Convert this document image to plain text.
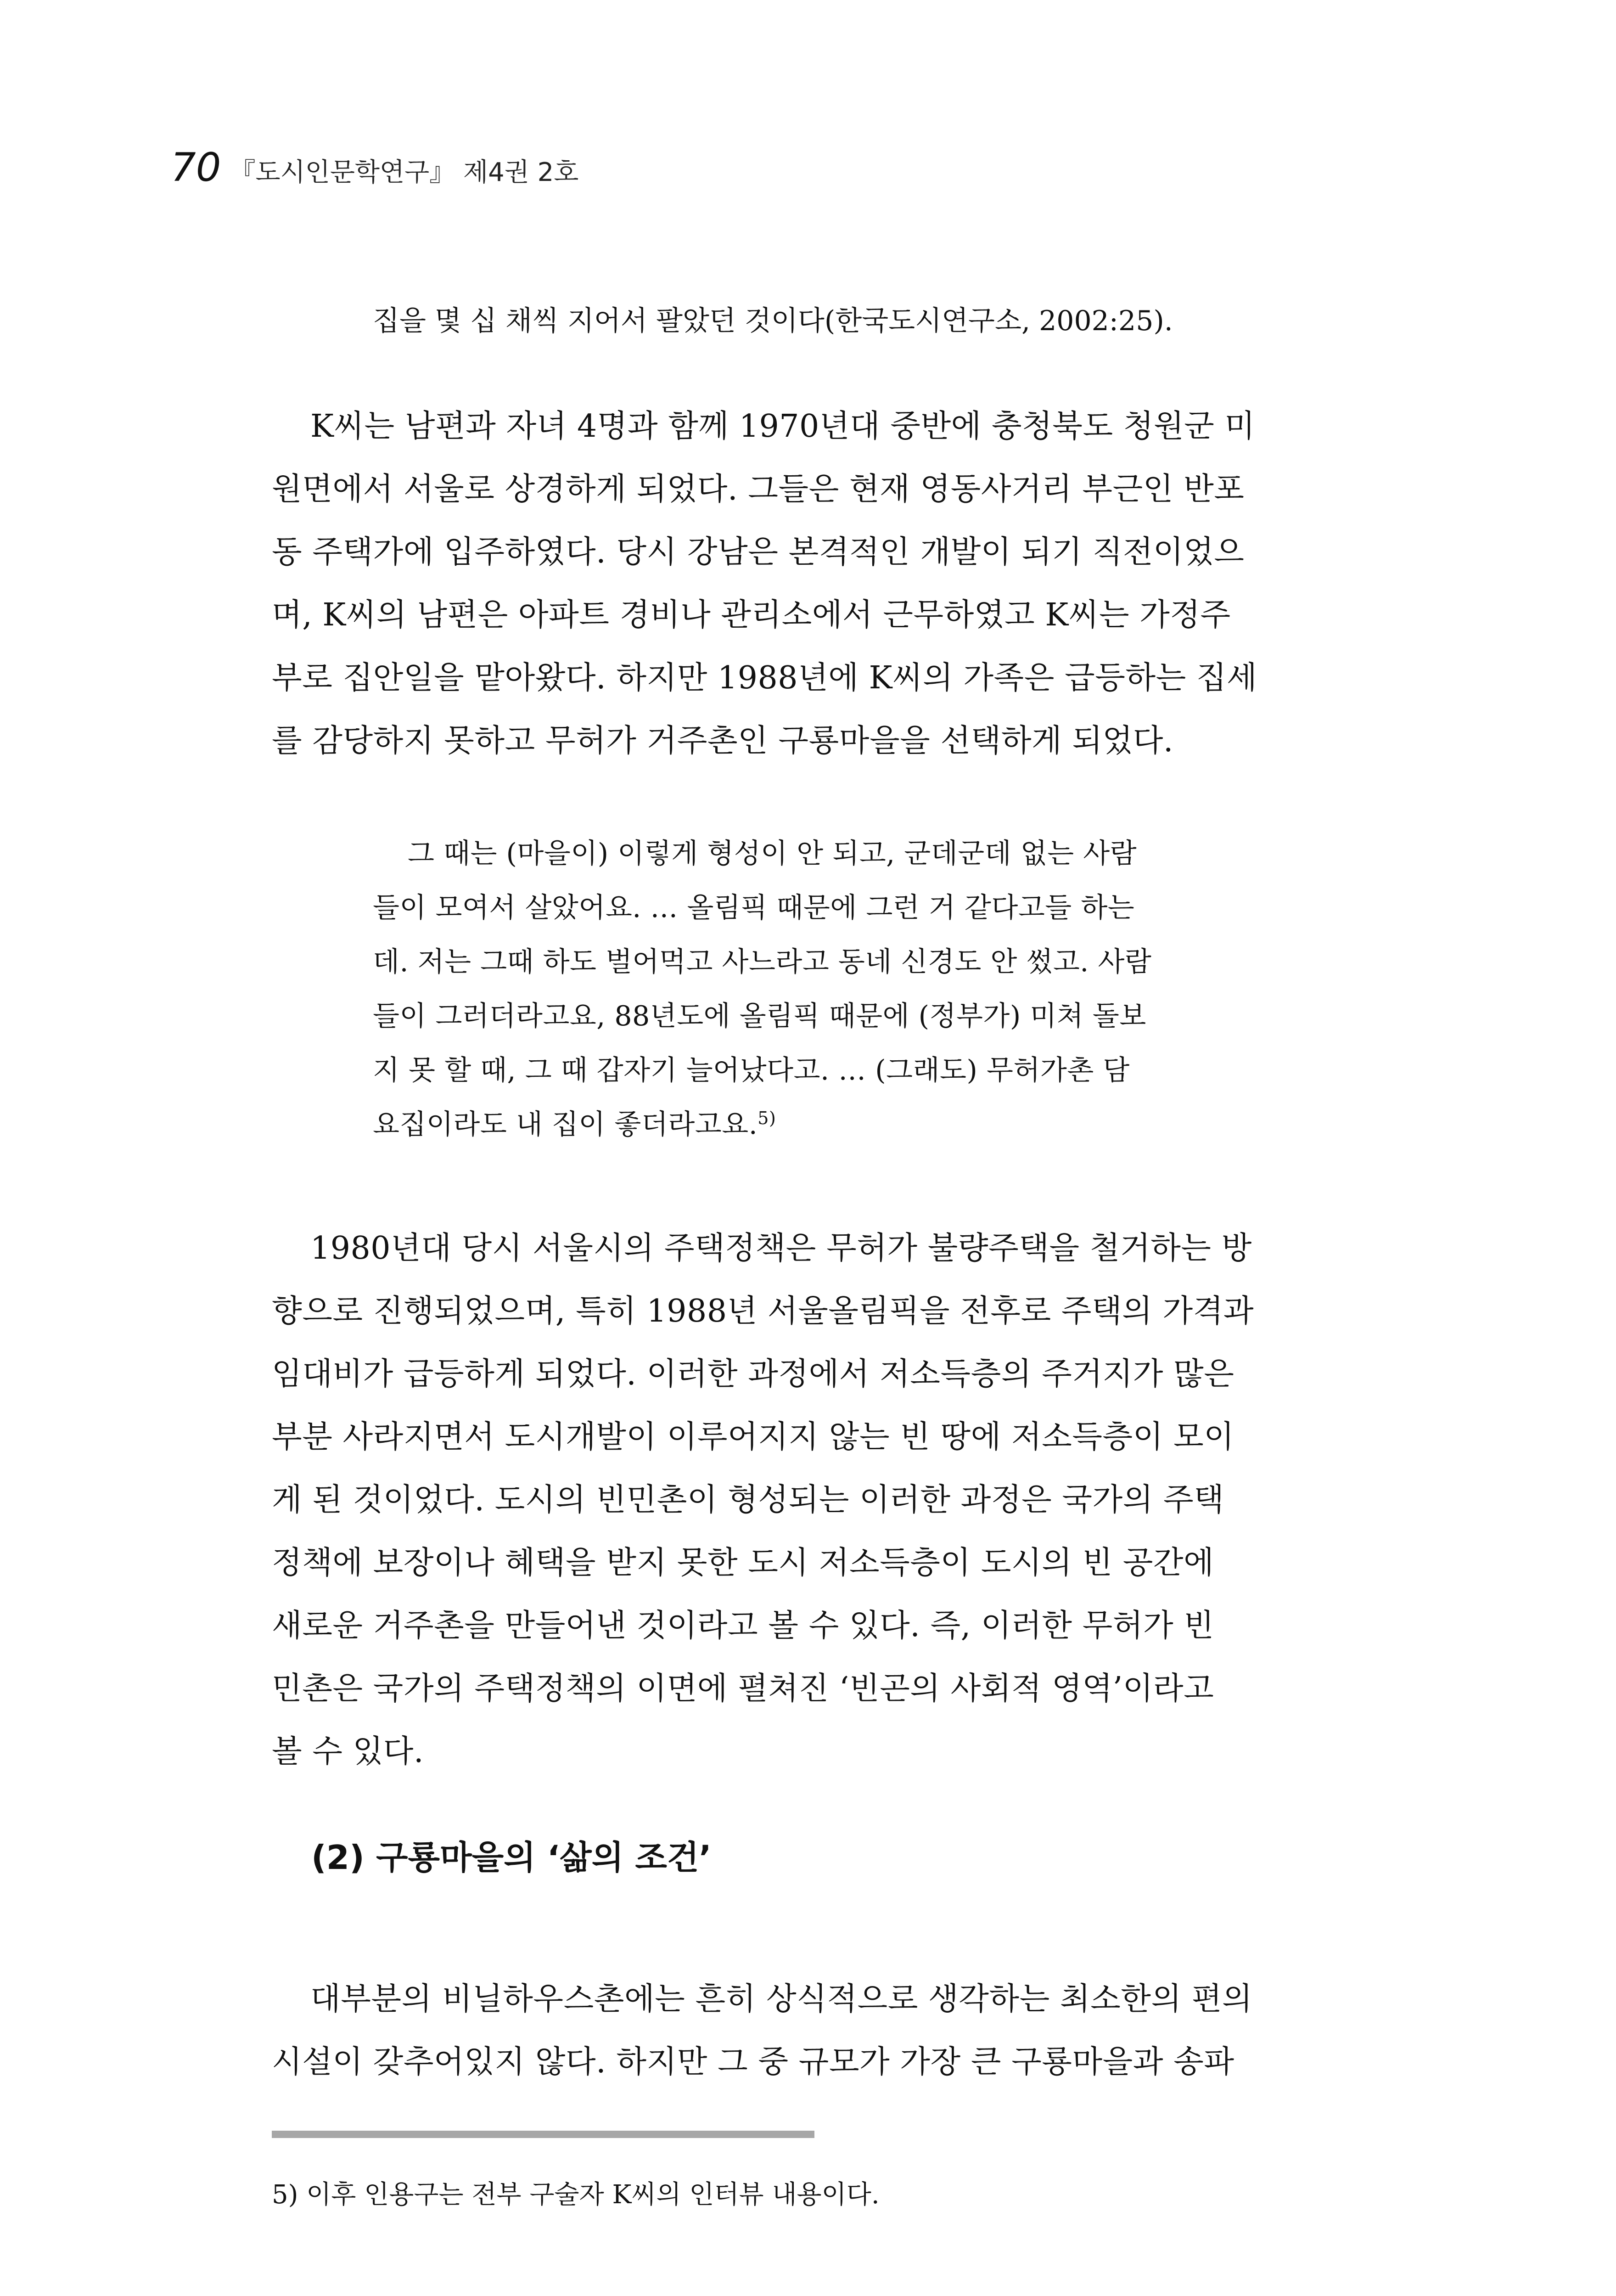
70 『도시인문학연구』 제4권 2호
집을 몇 십 채씩 지어서 팔았던 것이다(한국도시연구소, 2002:25).
K씨는 남편과 자녀 4명과 함께 1970년대 중반에 충청북도 청원군 미
원면에서 서울로 상경하게 되었다. 그들은 현재 영동사거리 부근인 반포
동 주택가에 입주하였다. 당시 강남은 본격적인 개발이 되기 직전이었으
며, K씨의 남편은 아파트 경비나 관리소에서 근무하였고 K씨는 가정주
부로 집안일을 맡아왔다. 하지만 1988년에 K씨의 가족은 급등하는 집세
를 감당하지 못하고 무허가 거주촌인 구룡마을을 선택하게 되었다.
그 때는 (마을이) 이렇게 형성이 안 되고, 군데군데 없는 사람
들이 모여서 살았어요. … 올림픽 때문에 그런 거 같다고들 하는
데. 저는 그때 하도 벌어먹고 사느라고 동네 신경도 안 썼고. 사람
들이 그러더라고요, 88년도에 올림픽 때문에 (정부가) 미쳐 돌보
지 못 할 때, 그 때 갑자기 늘어났다고. … (그래도) 무허가촌 담
요집이라도 내 집이 좋더라고요.$^{5)}$
1980년대 당시 서울시의 주택정책은 무허가 불량주택을 철거하는 방
향으로 진행되었으며, 특히 1988년 서울올림픽을 전후로 주택의 가격과
임대비가 급등하게 되었다. 이러한 과정에서 저소득층의 주거지가 많은
부분 사라지면서 도시개발이 이루어지지 않는 빈 땅에 저소득층이 모이
게 된 것이었다. 도시의 빈민촌이 형성되는 이러한 과정은 국가의 주택
정책에 보장이나 혜택을 받지 못한 도시 저소득층이 도시의 빈 공간에
새로운 거주촌을 만들어낸 것이라고 볼 수 있다. 즉, 이러한 무허가 빈
민촌은 국가의 주택정책의 이면에 펼쳐진 ‘빈곤의 사회적 영역’이라고
볼 수 있다.
(2) 구룡마을의 ‘삶의 조건’
대부분의 비닐하우스촌에는 흔히 상식적으로 생각하는 최소한의 편의
시설이 갖추어있지 않다. 하지만 그 중 규모가 가장 큰 구룡마을과 송파
5) 이후 인용구는 전부 구술자 K씨의 인터뷰 내용이다.
